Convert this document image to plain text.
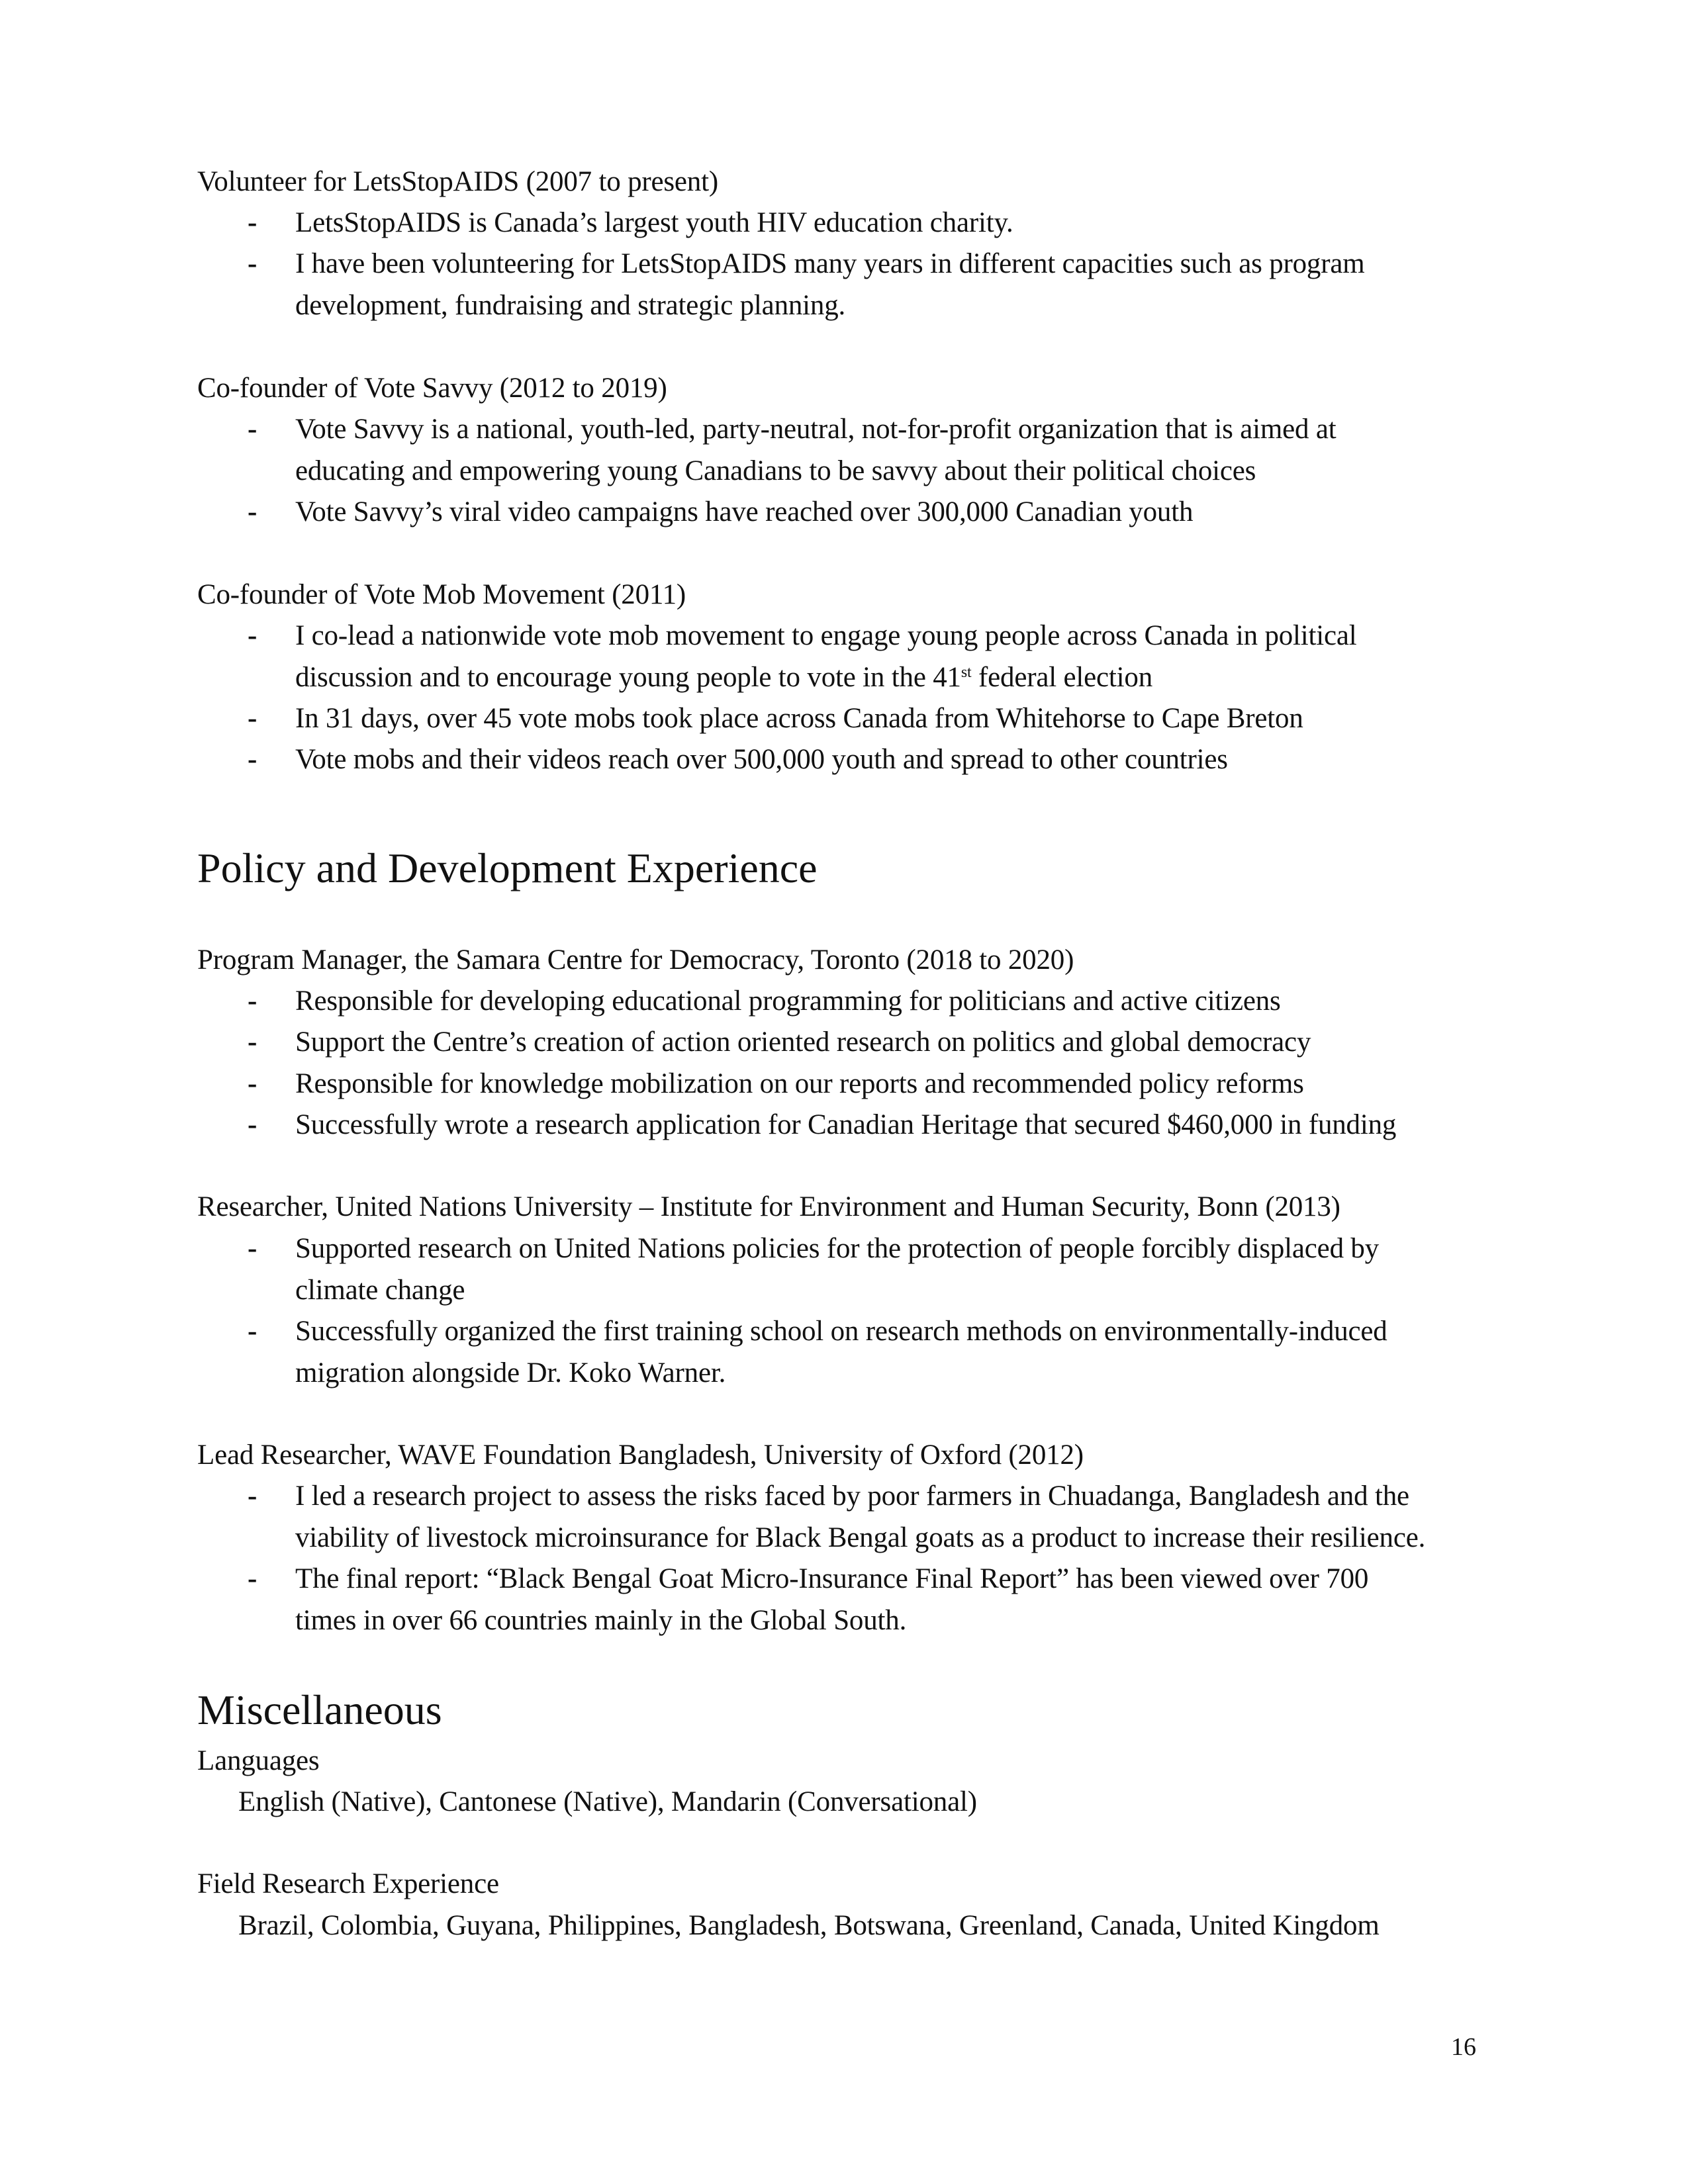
Volunteer for LetsStopAIDS (2007 to present)
- LetsStopAIDS is Canada’s largest youth HIV education charity.
- I have been volunteering for LetsStopAIDS many years in different capacities such as program
development, fundraising and strategic planning.
Co-founder of Vote Savvy (2012 to 2019)
- Vote Savvy is a national, youth-led, party-neutral, not-for-profit organization that is aimed at
educating and empowering young Canadians to be savvy about their political choices
- Vote Savvy’s viral video campaigns have reached over 300,000 Canadian youth
Co-founder of Vote Mob Movement (2011)
- I co-lead a nationwide vote mob movement to engage young people across Canada in political
discussion and to encourage young people to vote in the 41st federal election
- In 31 days, over 45 vote mobs took place across Canada from Whitehorse to Cape Breton
- Vote mobs and their videos reach over 500,000 youth and spread to other countries
Policy and Development Experience
Program Manager, the Samara Centre for Democracy, Toronto (2018 to 2020)
- Responsible for developing educational programming for politicians and active citizens
- Support the Centre’s creation of action oriented research on politics and global democracy
- Responsible for knowledge mobilization on our reports and recommended policy reforms
- Successfully wrote a research application for Canadian Heritage that secured $460,000 in funding
Researcher, United Nations University – Institute for Environment and Human Security, Bonn (2013)
- Supported research on United Nations policies for the protection of people forcibly displaced by
climate change
- Successfully organized the first training school on research methods on environmentally-induced
migration alongside Dr. Koko Warner.
Lead Researcher, WAVE Foundation Bangladesh, University of Oxford (2012)
- I led a research project to assess the risks faced by poor farmers in Chuadanga, Bangladesh and the
viability of livestock microinsurance for Black Bengal goats as a product to increase their resilience.
- The final report: “Black Bengal Goat Micro-Insurance Final Report” has been viewed over 700
times in over 66 countries mainly in the Global South.
Miscellaneous
Languages
English (Native), Cantonese (Native), Mandarin (Conversational)
Field Research Experience
Brazil, Colombia, Guyana, Philippines, Bangladesh, Botswana, Greenland, Canada, United Kingdom
16
